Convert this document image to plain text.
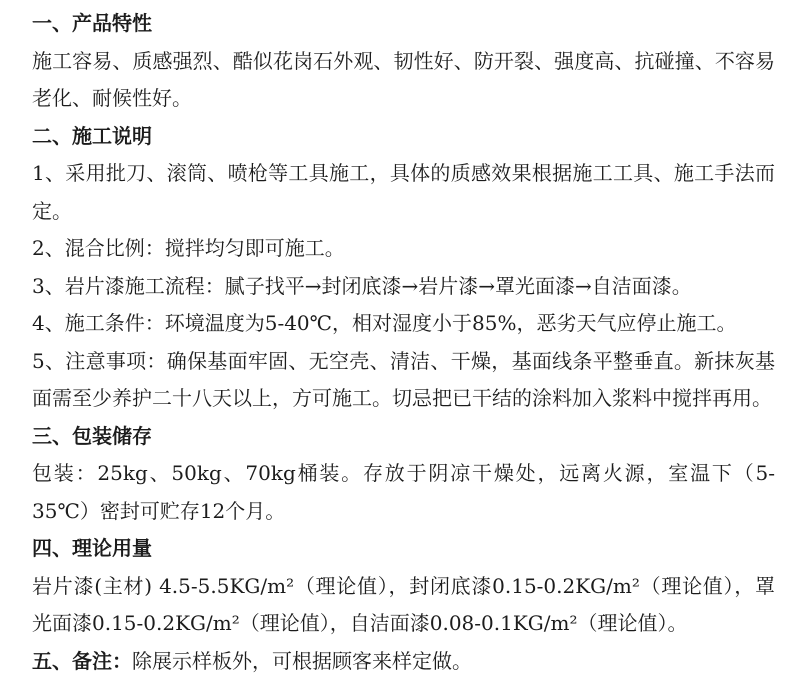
一、产品特性

施工容易、质感强烈、酷似花岗石外观、韧性好、防开裂、强度高、抗碰撞、不容易老化、耐候性好。

二、施工说明

1、采用批刀、滚筒、喷枪等工具施工，具体的质感效果根据施工工具、施工手法而定。

2、混合比例：搅拌均匀即可施工。

3、岩片漆施工流程：腻子找平→封闭底漆→岩片漆→罩光面漆→自洁面漆。

4、施工条件：环境温度为5-40℃，相对湿度小于85%，恶劣天气应停止施工。

5、注意事项：确保基面牢固、无空壳、清洁、干燥，基面线条平整垂直。新抹灰基面需至少养护二十八天以上，方可施工。切忌把已干结的涂料加入浆料中搅拌再用。

三、包装储存

包装：25kg、50kg、70kg桶装。存放于阴凉干燥处，远离火源，室温下（5-35℃）密封可贮存12个月。

四、理论用量

岩片漆(主材) 4.5-5.5KG/m²（理论值），封闭底漆0.15-0.2KG/m²（理论值），罩光面漆0.15-0.2KG/m²（理论值），自洁面漆0.08-0.1KG/m²（理论值）。

五、备注：除展示样板外，可根据顾客来样定做。
